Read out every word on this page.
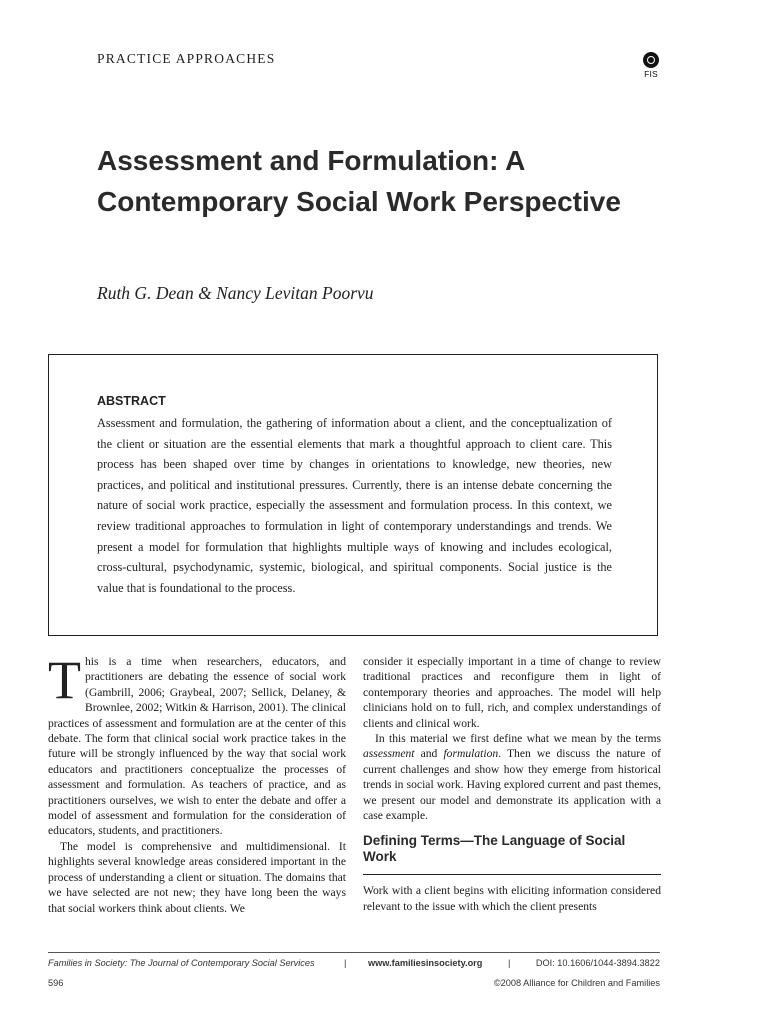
PRACTICE APPROACHES
FIS
Assessment and Formulation: A Contemporary Social Work Perspective
Ruth G. Dean & Nancy Levitan Poorvu
ABSTRACT

Assessment and formulation, the gathering of information about a client, and the conceptualization of the client or situation are the essential elements that mark a thoughtful approach to client care. This process has been shaped over time by changes in orientations to knowledge, new theories, new practices, and political and institutional pressures. Currently, there is an intense debate concerning the nature of social work practice, especially the assessment and formulation process. In this context, we review traditional approaches to formulation in light of contemporary understandings and trends. We present a model for formulation that highlights multiple ways of knowing and includes ecological, cross-cultural, psychodynamic, systemic, biological, and spiritual components. Social justice is the value that is foundational to the process.

This is a time when researchers, educators, and practitioners are debating the essence of social work (Gambrill, 2006; Graybeal, 2007; Sellick, Delaney, & Brownlee, 2002; Witkin & Harrison, 2001). The clinical practices of assessment and formulation are at the center of this debate. The form that clinical social work practice takes in the future will be strongly influenced by the way that social work educators and practitioners conceptualize the processes of assessment and formulation. As teachers of practice, and as practitioners ourselves, we wish to enter the debate and offer a model of assessment and formulation for the consideration of educators, students, and practitioners.

The model is comprehensive and multidimensional. It highlights several knowledge areas considered important in the process of understanding a client or situation. The domains that we have selected are not new; they have long been the ways that social workers think about clients. We

consider it especially important in a time of change to review traditional practices and reconfigure them in light of contemporary theories and approaches. The model will help clinicians hold on to full, rich, and complex understandings of clients and clinical work.

In this material we first define what we mean by the terms assessment and formulation. Then we discuss the nature of current challenges and show how they emerge from historical trends in social work. Having explored current and past themes, we present our model and demonstrate its application with a case example.

Defining Terms—The Language of Social Work

Work with a client begins with eliciting information considered relevant to the issue with which the client presents

Families in Society: The Journal of Contemporary Social Services	| www.familiesinsociety.org	|	DOI: 10.1606/1044-3894.3822
596	©2008 Alliance for Children and Families
